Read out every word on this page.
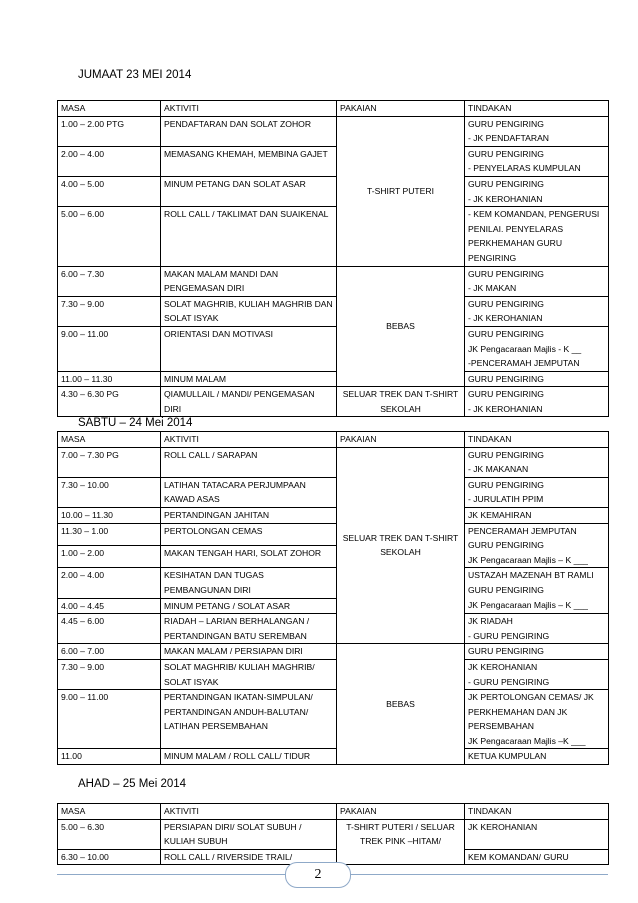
JUMAAT 23 MEI 2014
MASA	AKTIVITI	PAKAIAN	TINDAKAN
1.00 – 2.00 PTG	PENDAFTARAN DAN SOLAT ZOHOR	T-SHIRT PUTERI	GURU PENGIRING
- JK PENDAFTARAN
2.00 – 4.00	MEMASANG KHEMAH, MEMBINA GAJET		GURU PENGIRING
- PENYELARAS KUMPULAN
4.00 – 5.00	MINUM PETANG DAN SOLAT ASAR		GURU PENGIRING
- JK KEROHANIAN
5.00 – 6.00	ROLL CALL / TAKLIMAT DAN SUAIKENAL		- KEM KOMANDAN, PENGERUSI PENILAI. PENYELARAS PERKHEMAHAN GURU PENGIRING
6.00 – 7.30	MAKAN MALAM MANDI DAN PENGEMASAN DIRI	BEBAS	GURU PENGIRING
- JK MAKAN
7.30 – 9.00	SOLAT MAGHRIB, KULIAH MAGHRIB DAN SOLAT ISYAK		GURU PENGIRING
- JK KEROHANIAN
9.00 – 11.00	ORIENTASI DAN MOTIVASI		GURU PENGIRING
JK Pengacaraan Majlis - K __
-PENCERAMAH JEMPUTAN
11.00 – 11.30	MINUM MALAM		GURU PENGIRING
4.30 – 6.30 PG	QIAMULLAIL / MANDI/ PENGEMASAN DIRI	SELUAR TREK DAN T-SHIRT SEKOLAH	GURU PENGIRING
- JK KEROHANIAN
SABTU – 24 Mei 2014
MASA	AKTIVITI	PAKAIAN	TINDAKAN
7.00 – 7.30 PG	ROLL CALL / SARAPAN	SELUAR TREK DAN T-SHIRT SEKOLAH	GURU PENGIRING
- JK MAKANAN
7.30 – 10.00	LATIHAN TATACARA PERJUMPAAN KAWAD ASAS		GURU PENGIRING
- JURULATIH PPIM
10.00 – 11.30	PERTANDINGAN JAHITAN		JK KEMAHIRAN
11.30 – 1.00	PERTOLONGAN CEMAS		PENCERAMAH JEMPUTAN
GURU PENGIRING
JK Pengacaraan Majlis – K ___
1.00 – 2.00	MAKAN TENGAH HARI, SOLAT ZOHOR		
2.00 – 4.00	KESIHATAN DAN TUGAS PEMBANGUNAN DIRI		USTAZAH MAZENAH BT RAMLI
GURU PENGIRING
JK Pengacaraan Majlis – K ___
4.00 – 4.45	MINUM PETANG / SOLAT ASAR		
4.45 – 6.00	RIADAH – LARIAN BERHALANGAN / PERTANDINGAN BATU SEREMBAN		JK RIADAH
- GURU PENGIRING
6.00 – 7.00	MAKAN MALAM / PERSIAPAN DIRI	BEBAS	GURU PENGIRING
7.30 – 9.00	SOLAT MAGHRIB/ KULIAH MAGHRIB/ SOLAT ISYAK		JK KEROHANIAN
- GURU PENGIRING
9.00 – 11.00	PERTANDINGAN IKATAN-SIMPULAN/ PERTANDINGAN ANDUH-BALUTAN/ LATIHAN PERSEMBAHAN		JK PERTOLONGAN CEMAS/ JK PERKHEMAHAN DAN JK PERSEMBAHAN
JK Pengacaraan Majlis –K ___
11.00	MINUM MALAM / ROLL CALL/ TIDUR		KETUA KUMPULAN
AHAD – 25 Mei 2014
MASA	AKTIVITI	PAKAIAN	TINDAKAN
5.00 – 6.30	PERSIAPAN DIRI/ SOLAT SUBUH / KULIAH SUBUH	T-SHIRT PUTERI / SELUAR TREK PINK –HITAM/	JK KEROHANIAN
6.30 – 10.00	ROLL CALL / RIVERSIDE TRAIL/		KEM KOMANDAN/ GURU
2
